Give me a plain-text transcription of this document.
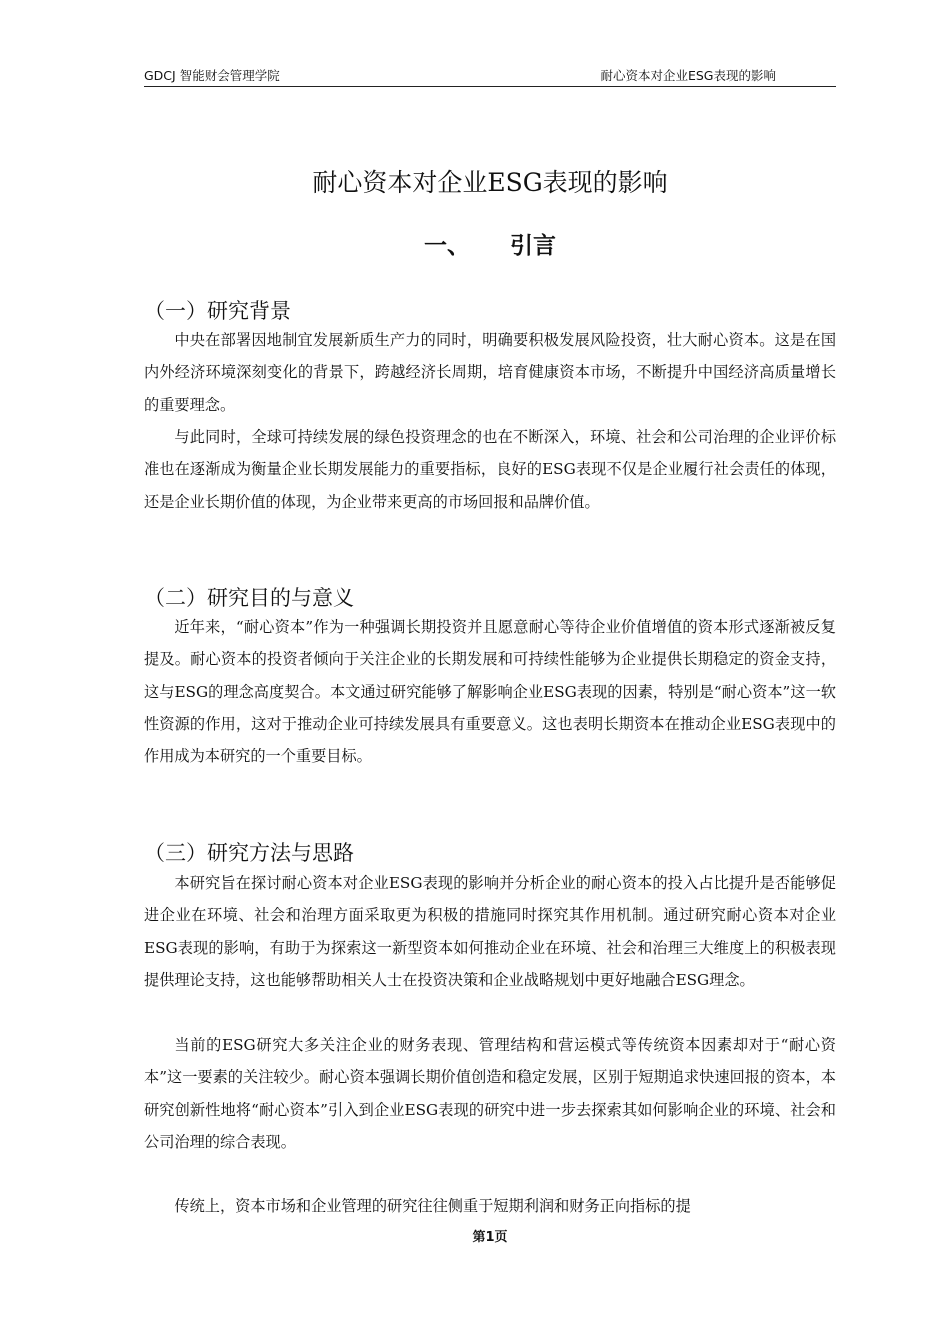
GDCJ 智能财会管理学院	耐心资本对企业ESG表现的影响
耐心资本对企业ESG表现的影响
一、 引言
（一）研究背景

中央在部署因地制宜发展新质生产力的同时，明确要积极发展风险投资，壮大耐心资本。这是在国内外经济环境深刻变化的背景下，跨越经济长周期，培育健康资本市场，不断提升中国经济高质量增长的重要理念。

与此同时，全球可持续发展的绿色投资理念的也在不断深入，环境、社会和公司治理的企业评价标准也在逐渐成为衡量企业长期发展能力的重要指标，良好的ESG表现不仅是企业履行社会责任的体现，还是企业长期价值的体现，为企业带来更高的市场回报和品牌价值。

（二）研究目的与意义

近年来，“耐心资本”作为一种强调长期投资并且愿意耐心等待企业价值增值的资本形式逐渐被反复提及。耐心资本的投资者倾向于关注企业的长期发展和可持续性能够为企业提供长期稳定的资金支持，这与ESG的理念高度契合。本文通过研究能够了解影响企业ESG表现的因素，特别是“耐心资本”这一软性资源的作用，这对于推动企业可持续发展具有重要意义。这也表明长期资本在推动企业ESG表现中的作用成为本研究的一个重要目标。

（三）研究方法与思路

本研究旨在探讨耐心资本对企业ESG表现的影响并分析企业的耐心资本的投入占比提升是否能够促进企业在环境、社会和治理方面采取更为积极的措施同时探究其作用机制。通过研究耐心资本对企业ESG表现的影响，有助于为探索这一新型资本如何推动企业在环境、社会和治理三大维度上的积极表现提供理论支持，这也能够帮助相关人士在投资决策和企业战略规划中更好地融合ESG理念。

当前的ESG研究大多关注企业的财务表现、管理结构和营运模式等传统资本因素却对于“耐心资本”这一要素的关注较少。耐心资本强调长期价值创造和稳定发展，区别于短期追求快速回报的资本，本研究创新性地将“耐心资本”引入到企业ESG表现的研究中进一步去探索其如何影响企业的环境、社会和公司治理的综合表现。

传统上，资本市场和企业管理的研究往往侧重于短期利润和财务正向指标的提

第1页
